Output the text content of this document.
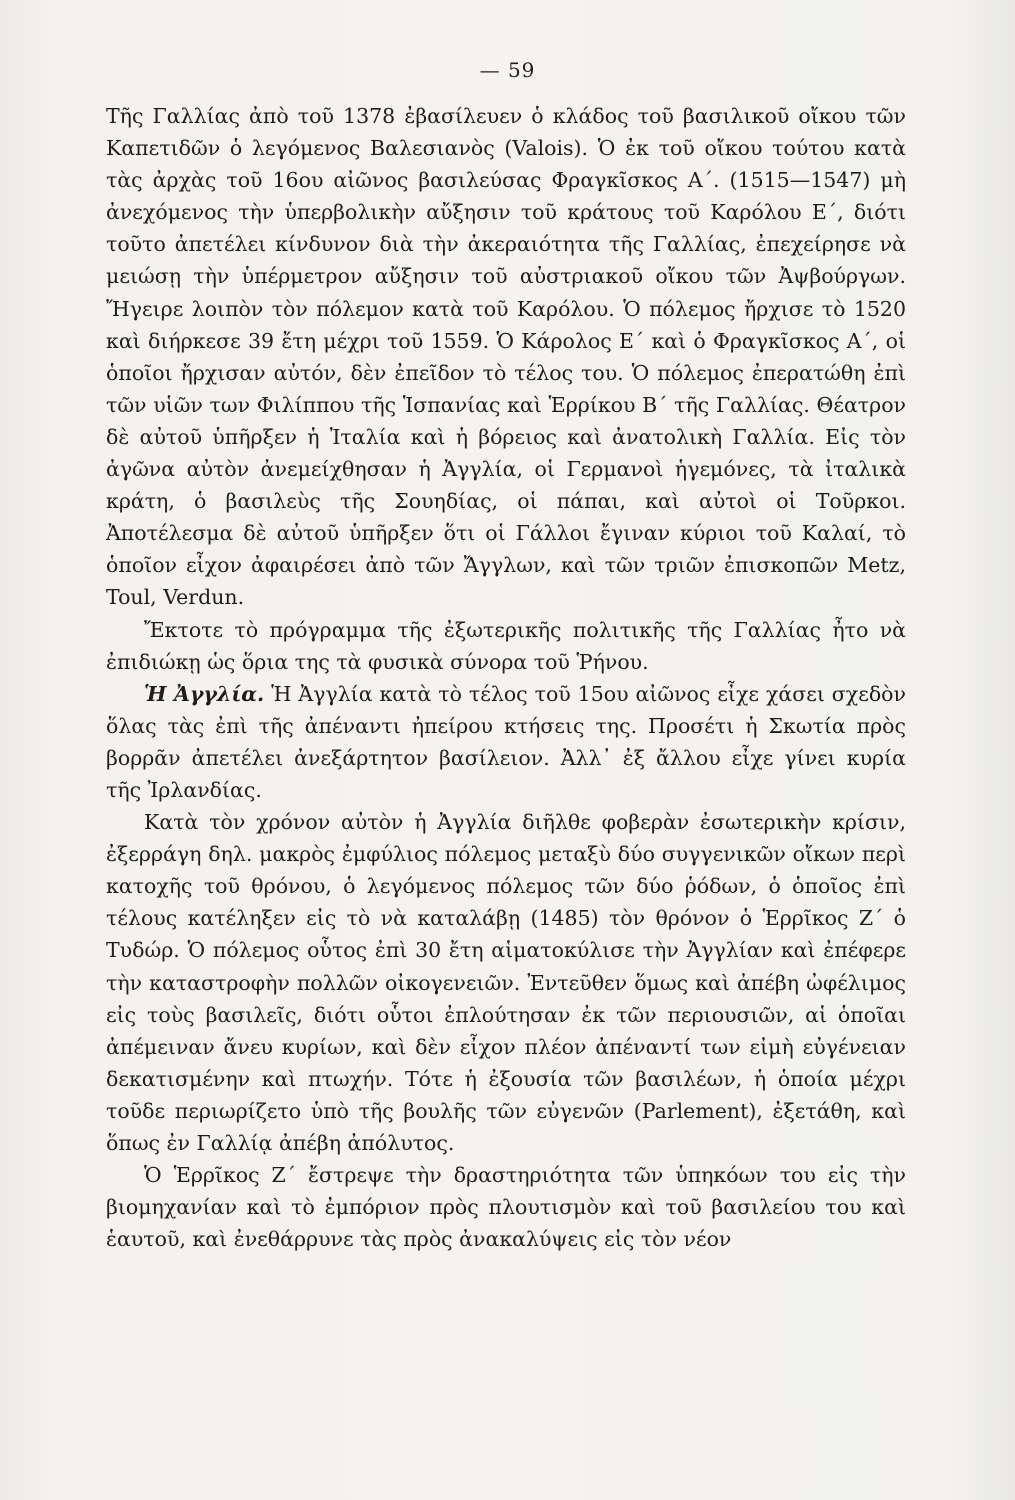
— 59

Τῆς Γαλλίας ἀπὸ τοῦ 1378 ἐβασίλευεν ὁ κλάδος τοῦ βασιλικοῦ οἴκου τῶν Καπετιδῶν ὁ λεγόμενος Βαλεσιανὸς (Valois). Ὁ ἐκ τοῦ οἴκου τούτου κατὰ τὰς ἀρχὰς τοῦ 16ου αἰῶνος βασιλεύσας Φραγκῖσκος Α΄. (1515—1547) μὴ ἀνεχόμενος τὴν ὑπερβολικὴν αὔξησιν τοῦ κράτους τοῦ Καρόλου Ε΄, διότι τοῦτο ἀπετέλει κίνδυνον διὰ τὴν ἀκεραιότητα τῆς Γαλλίας, ἐπεχείρησε νὰ μειώσῃ τὴν ὑπέρμετρον αὔξησιν τοῦ αὐστριακοῦ οἴκου τῶν Ἀψβούργων. Ἤγειρε λοιπὸν τὸν πόλεμον κατὰ τοῦ Καρόλου. Ὁ πόλεμος ἤρχισε τὸ 1520 καὶ διήρκεσε 39 ἔτη μέχρι τοῦ 1559. Ὁ Κάρολος Ε΄ καὶ ὁ Φραγκῖσκος Α΄, οἱ ὁποῖοι ἤρχισαν αὐτόν, δὲν ἐπεῖδον τὸ τέλος του. Ὁ πόλεμος ἐπερατώθη ἐπὶ τῶν υἱῶν των Φιλίππου τῆς Ἱσπανίας καὶ Ἑρρίκου Β΄ τῆς Γαλλίας. Θέατρον δὲ αὐτοῦ ὑπῆρξεν ἡ Ἰταλία καὶ ἡ βόρειος καὶ ἀνατολικὴ Γαλλία. Εἰς τὸν ἀγῶνα αὐτὸν ἀνεμείχθησαν ἡ Ἀγγλία, οἱ Γερμανοὶ ἡγεμόνες, τὰ ἰταλικὰ κράτη, ὁ βασιλεὺς τῆς Σουηδίας, οἱ πάπαι, καὶ αὐτοὶ οἱ Τοῦρκοι. Ἀποτέλεσμα δὲ αὐτοῦ ὑπῆρξεν ὅτι οἱ Γάλλοι ἔγιναν κύριοι τοῦ Καλαί, τὸ ὁποῖον εἶχον ἀφαιρέσει ἀπὸ τῶν Ἄγγλων, καὶ τῶν τριῶν ἐπισκοπῶν Metz, Toul, Verdun.

Ἔκτοτε τὸ πρόγραμμα τῆς ἐξωτερικῆς πολιτικῆς τῆς Γαλλίας ἦτο νὰ ἐπιδιώκῃ ὡς ὅρια της τὰ φυσικὰ σύνορα τοῦ Ῥήνου.

Ἡ Ἀγγλία. Ἡ Ἀγγλία κατὰ τὸ τέλος τοῦ 15ου αἰῶνος εἶχε χάσει σχεδὸν ὅλας τὰς ἐπὶ τῆς ἀπέναντι ἠπείρου κτήσεις της. Προσέτι ἡ Σκωτία πρὸς βορρᾶν ἀπετέλει ἀνεξάρτητον βασίλειον. Ἀλλ᾿ ἐξ ἄλλου εἶχε γίνει κυρία τῆς Ἰρλανδίας.

Κατὰ τὸν χρόνον αὐτὸν ἡ Ἀγγλία διῆλθε φοβερὰν ἐσωτερικὴν κρίσιν, ἐξερράγη δηλ. μακρὸς ἐμφύλιος πόλεμος μεταξὺ δύο συγγενικῶν οἴκων περὶ κατοχῆς τοῦ θρόνου, ὁ λεγόμενος πόλεμος τῶν δύο ῥόδων, ὁ ὁποῖος ἐπὶ τέλους κατέληξεν εἰς τὸ νὰ καταλάβῃ (1485) τὸν θρόνον ὁ Ἑρρῖκος Ζ΄ ὁ Τυδώρ. Ὁ πόλεμος οὗτος ἐπὶ 30 ἔτη αἱματοκύλισε τὴν Ἀγγλίαν καὶ ἐπέφερε τὴν καταστροφὴν πολλῶν οἰκογενειῶν. Ἐντεῦθεν ὅμως καὶ ἀπέβη ὠφέλιμος εἰς τοὺς βασιλεῖς, διότι οὗτοι ἐπλούτησαν ἐκ τῶν περιουσιῶν, αἱ ὁποῖαι ἀπέμειναν ἄνευ κυρίων, καὶ δὲν εἶχον πλέον ἀπέναντί των εἰμὴ εὐγένειαν δεκατισμένην καὶ πτωχήν. Τότε ἡ ἐξουσία τῶν βασιλέων, ἡ ὁποία μέχρι τοῦδε περιωρίζετο ὑπὸ τῆς βουλῆς τῶν εὐγενῶν (Parlement), ἐξετάθη, καὶ ὅπως ἐν Γαλλίᾳ ἀπέβη ἀπόλυτος.

Ὁ Ἑρρῖκος Ζ΄ ἔστρεψε τὴν δραστηριότητα τῶν ὑπηκόων του εἰς τὴν βιομηχανίαν καὶ τὸ ἐμπόριον πρὸς πλουτισμὸν καὶ τοῦ βασιλείου του καὶ ἑαυτοῦ, καὶ ἐνεθάρρυνε τὰς πρὸς ἀνακαλύψεις εἰς τὸν νέον
